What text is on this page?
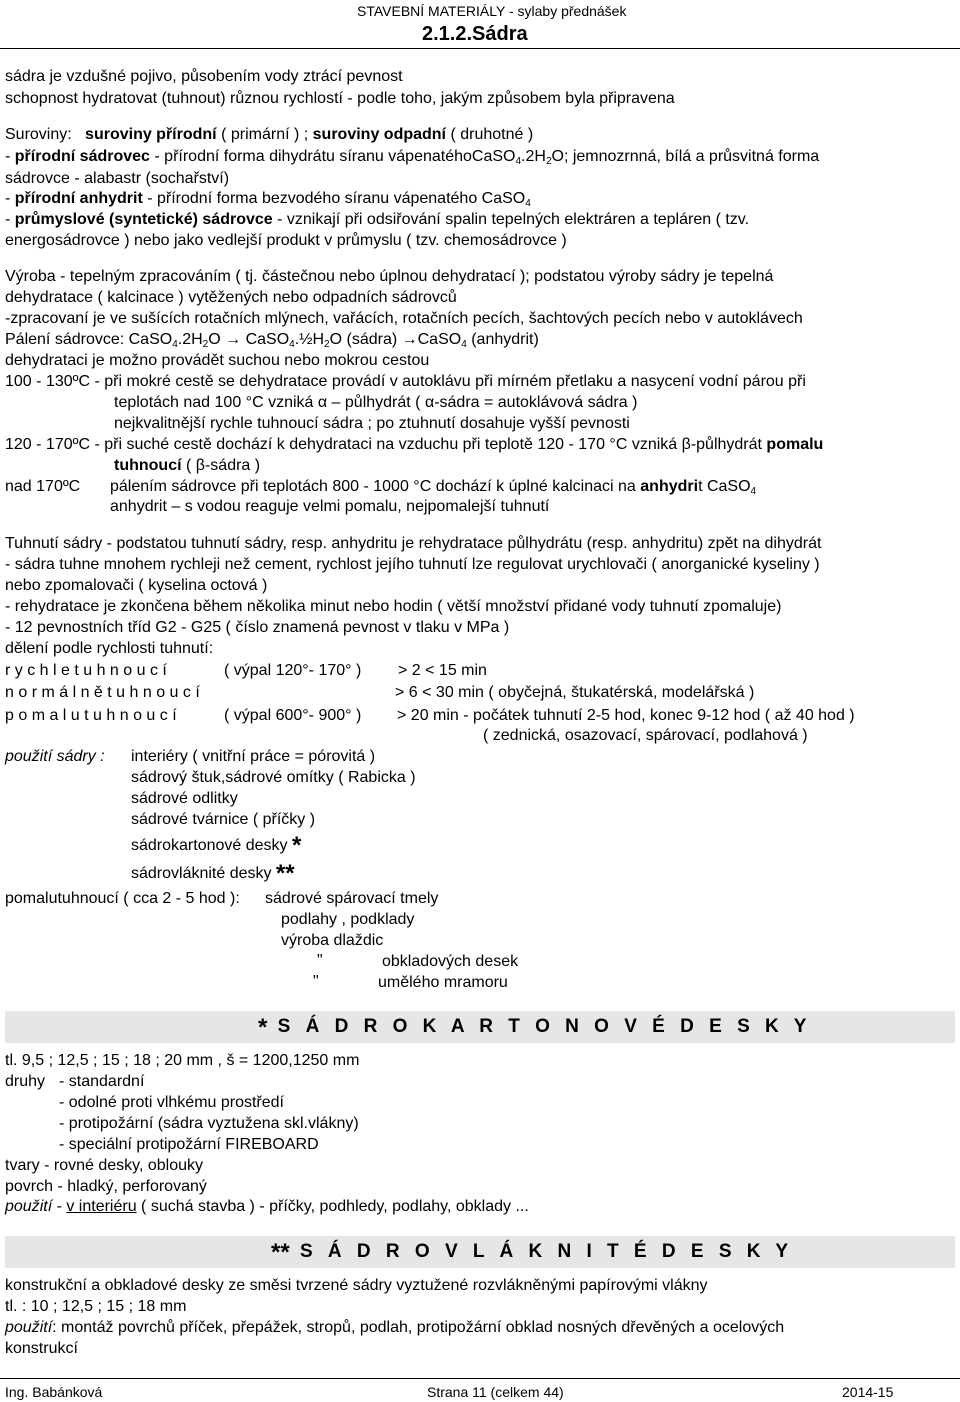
STAVEBNÍ MATERIÁLY - sylaby přednášek
2.1.2.Sádra
sádra je vzdušné pojivo, působením vody ztrácí pevnost
schopnost hydratovat (tuhnout) různou rychlostí - podle toho, jakým způsobem byla připravena
Suroviny: suroviny přírodní ( primární ) ; suroviny odpadní ( druhotné )
- přírodní sádrovec - přírodní forma dihydrátu síranu $vápenatéhoCaSO_4.2H_2O$; jemnozrnná, bílá a průsvitná forma
sádrovce - alabastr (sochařství)
- přírodní anhydrit - přírodní forma bezvodého síranu vápenatého CaSO$_4$
- průmyslové (syntetické) sádrovce - vznikají při odsiřování spalin tepelných elektráren a tepláren ( tzv.
energosádrovce ) nebo jako vedlejší produkt v průmyslu ( tzv. chemosádrovce )
Výroba - tepelným zpracováním ( tj. částečnou nebo úplnou dehydratací ); podstatou výroby sádry je tepelná
dehydratace ( kalcinace ) vytěžených nebo odpadních sádrovců
-zpracovaní je ve sušících rotačních mlýnech, vařácích, rotačních pecích, šachtových pecích nebo v autoklávech
Pálení sádrovce: $CaSO_4.2H_2O$ → $CaSO_4.\frac{1}{2}H_2O$ (sádra) →CaSO$_4$ (anhydrit)
dehydrataci je možno provádět suchou nebo mokrou cestou
100 - 130ºC - při mokré cestě se dehydratace provádí v autoklávu při mírném přetlaku a nasycení vodní párou při
teplotách nad 100 °C vzniká α – půlhydrát ( α-sádra = autoklávová sádra )
nejkvalitnější rychle tuhnoucí sádra ; po ztuhnutí dosahuje vyšší pevnosti
120 - 170ºC - při suché cestě dochází k dehydrataci na vzduchu při teplotě 120 - 170 °C vzniká β-půlhydrát pomalu
tuhnoucí ( β-sádra )
nad 170ºC pálením sádrovce při teplotách 800 - 1000 °C dochází k úplné kalcinaci na anhydrit CaSO$_4$
anhydrit – s vodou reaguje velmi pomalu, nejpomalejší tuhnutí
Tuhnutí sádry - podstatou tuhnutí sádry, resp. anhydritu je rehydratace půlhydrátu (resp. anhydritu) zpět na dihydrát
- sádra tuhne mnohem rychleji než cement, rychlost jejího tuhnutí lze regulovat urychlovači ( anorganické kyseliny )
nebo zpomalovači ( kyselina octová )
- rehydratace je zkončena během několika minut nebo hodin ( větší množství přidané vody tuhnutí zpomaluje)
- 12 pevnostních tříd G2 - G25 ( číslo znamená pevnost v tlaku v MPa )
dělení podle rychlosti tuhnutí:
r y c h l e t u h n o u c í	( výpal 120°- 170° ) > 2 < 15 min
n o r m á l n ě t u h n o u c í	> 6 < 30 min ( obyčejná, štukatérská, modelářská )
p o m a l u t u h n o u c í	( výpal 600°- 900° ) > 20 min - počátek tuhnutí 2-5 hod, konec 9-12 hod ( až 40 hod )
( zednická, osazovací, spárovací, podlahová )
použití sádry : interiéry ( vnitřní práce = pórovitá )
sádrový štuk,sádrové omítky ( Rabicka )
sádrové odlitky
sádrové tvárnice ( příčky )
sádrokartonové desky *
sádrovláknité desky **
pomalutuhnoucí ( cca 2 - 5 hod ): sádrové spárovací tmely
podlahy , podklady
výroba dlaždic
"	obkladových desek
"	umělého mramoru
* S Á D R O K A R T O N O V É D E S K Y
tl. 9,5 ; 12,5 ; 15 ; 18 ; 20 mm , š = 1200,1250 mm
druhy - standardní
- odolné proti vlhkému prostředí
- protipožární (sádra vyztužena skl.vlákny)
- speciální protipožární FIREBOARD
tvary - rovné desky, oblouky
povrch - hladký, perforovaný
použití - v interiéru ( suchá stavba ) - příčky, podhledy, podlahy, obklady ...
** S Á D R O V L Á K N I T É D E S K Y
konstrukční a obkladové desky ze směsi tvrzené sádry vyztužené rozvlákněnými papírovými vlákny
tl. : 10 ; 12,5 ; 15 ; 18 mm
použití: montáž povrchů příček, přepážek, stropů, podlah, protipožární obklad nosných dřevěných a ocelových
konstrukcí
Ing. Babánková	Strana 11 (celkem 44)	2014-15
